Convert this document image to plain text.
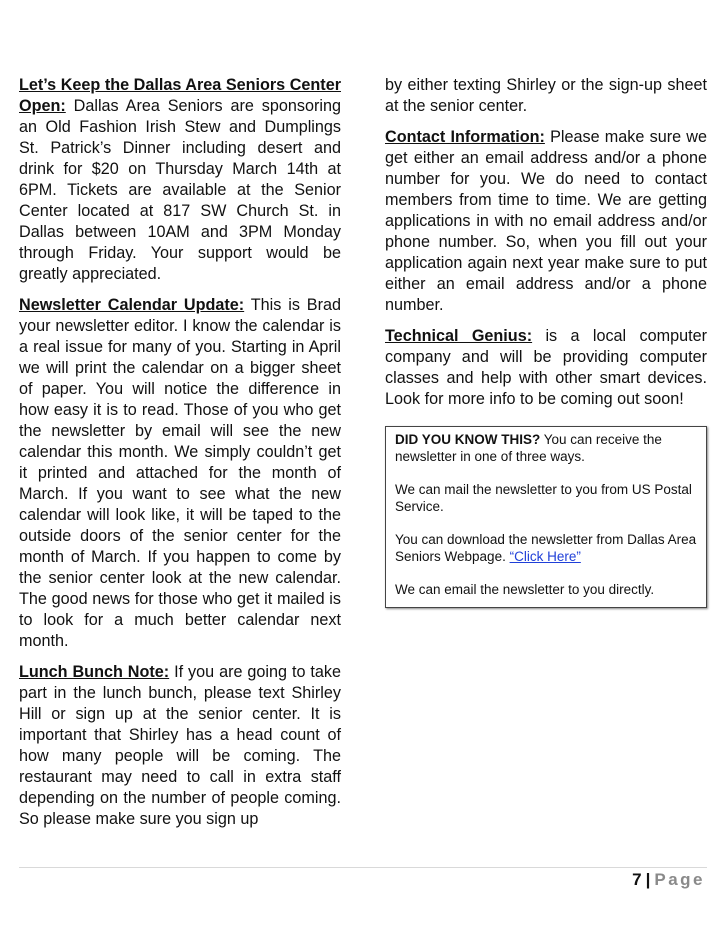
Let’s Keep the Dallas Area Seniors Center Open: Dallas Area Seniors are sponsoring an Old Fashion Irish Stew and Dumplings St. Patrick’s Dinner including desert and drink for $20 on Thursday March 14th at 6PM. Tickets are available at the Senior Center located at 817 SW Church St. in Dallas between 10AM and 3PM Monday through Friday. Your support would be greatly appreciated.

Newsletter Calendar Update: This is Brad your newsletter editor. I know the calendar is a real issue for many of you. Starting in April we will print the calendar on a bigger sheet of paper. You will notice the difference in how easy it is to read. Those of you who get the newsletter by email will see the new calendar this month. We simply couldn’t get it printed and attached for the month of March. If you want to see what the new calendar will look like, it will be taped to the outside doors of the senior center for the month of March. If you happen to come by the senior center look at the new calendar. The good news for those who get it mailed is to look for a much better calendar next month.

Lunch Bunch Note: If you are going to take part in the lunch bunch, please text Shirley Hill or sign up at the senior center. It is important that Shirley has a head count of how many people will be coming. The restaurant may need to call in extra staff depending on the number of people coming. So please make sure you sign up

by either texting Shirley or the sign-up sheet at the senior center.

Contact Information: Please make sure we get either an email address and/or a phone number for you. We do need to contact members from time to time. We are getting applications in with no email address and/or phone number. So, when you fill out your application again next year make sure to put either an email address and/or a phone number.

Technical Genius: is a local computer company and will be providing computer classes and help with other smart devices. Look for more info to be coming out soon!

DID YOU KNOW THIS? You can receive the newsletter in one of three ways.

We can mail the newsletter to you from US Postal Service.

You can download the newsletter from Dallas Area Seniors Webpage. “Click Here”

We can email the newsletter to you directly.

7 | Page
